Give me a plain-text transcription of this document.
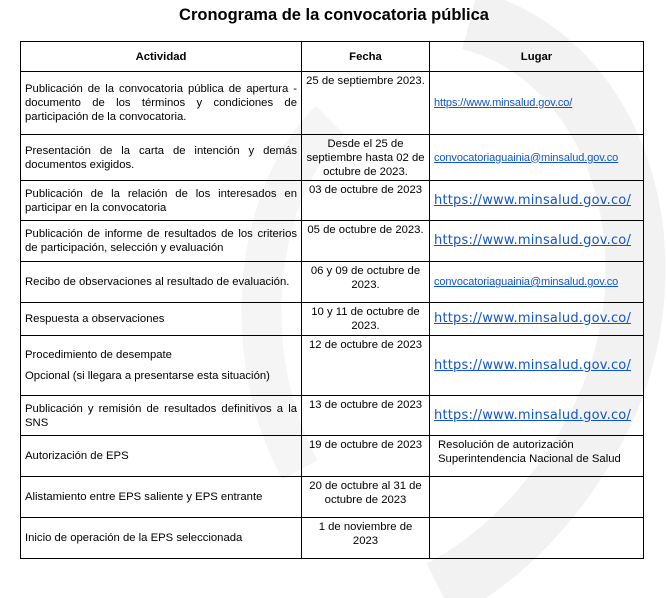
Cronograma de la convocatoria pública
Actividad	Fecha	Lugar
Publicación de la convocatoria pública de apertura - documento de los términos y condiciones de participación de la convocatoria.	25 de septiembre 2023.	https://www.minsalud.gov.co/
Presentación de la carta de intención y demás documentos exigidos.	Desde el 25 de septiembre hasta 02 de octubre de 2023.	convocatoriaguainia@minsalud.gov.co
Publicación de la relación de los interesados en participar en la convocatoria	03 de octubre de 2023	https://www.minsalud.gov.co/
Publicación de informe de resultados de los criterios de participación, selección y evaluación	05 de octubre de 2023.	https://www.minsalud.gov.co/
Recibo de observaciones al resultado de evaluación.	06 y 09 de octubre de 2023.	convocatoriaguainia@minsalud.gov.co
Respuesta a observaciones	10 y 11 de octubre de 2023.	https://www.minsalud.gov.co/

Procedimiento de desempate
Opcional (si llegara a presentarse esta situación)	12 de octubre de 2023	https://www.minsalud.gov.co/
Publicación y remisión de resultados definitivos a la SNS	13 de octubre de 2023	https://www.minsalud.gov.co/
Autorización de EPS	19 de octubre de 2023	Resolución de autorización Superintendencia Nacional de Salud

Alistamiento entre EPS saliente y EPS entrante	20 de octubre al 31 de octubre de 2023	
Inicio de operación de la EPS seleccionada	1 de noviembre de 2023	
